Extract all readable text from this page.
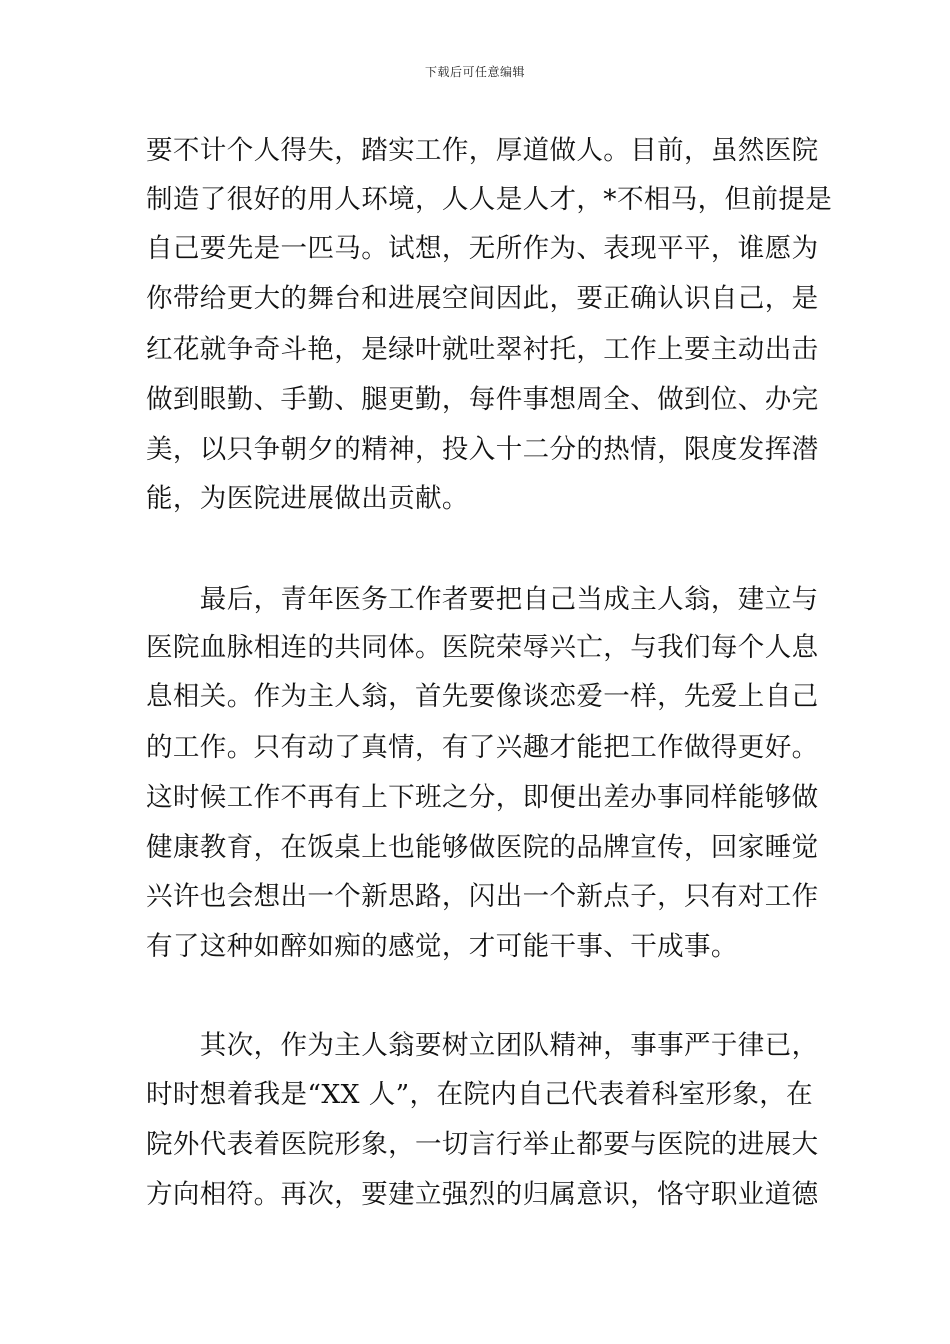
下载后可任意编辑
要不计个人得失，踏实工作，厚道做人。目前，虽然医院
制造了很好的用人环境，人人是人才，*不相马，但前提是
自己要先是一匹马。试想，无所作为、表现平平，谁愿为
你带给更大的舞台和进展空间因此，要正确认识自己，是
红花就争奇斗艳，是绿叶就吐翠衬托，工作上要主动出击
做到眼勤、手勤、腿更勤，每件事想周全、做到位、办完
美，以只争朝夕的精神，投入十二分的热情，限度发挥潜
能，为医院进展做出贡献。
　　最后，青年医务工作者要把自己当成主人翁，建立与
医院血脉相连的共同体。医院荣辱兴亡，与我们每个人息
息相关。作为主人翁，首先要像谈恋爱一样，先爱上自己
的工作。只有动了真情，有了兴趣才能把工作做得更好。
这时候工作不再有上下班之分，即便出差办事同样能够做
健康教育，在饭桌上也能够做医院的品牌宣传，回家睡觉
兴许也会想出一个新思路，闪出一个新点子，只有对工作
有了这种如醉如痴的感觉，才可能干事、干成事。
　　其次，作为主人翁要树立团队精神，事事严于律已，
时时想着我是“XX 人”，在院内自己代表着科室形象，在
院外代表着医院形象，一切言行举止都要与医院的进展大
方向相符。再次，要建立强烈的归属意识，恪守职业道德
